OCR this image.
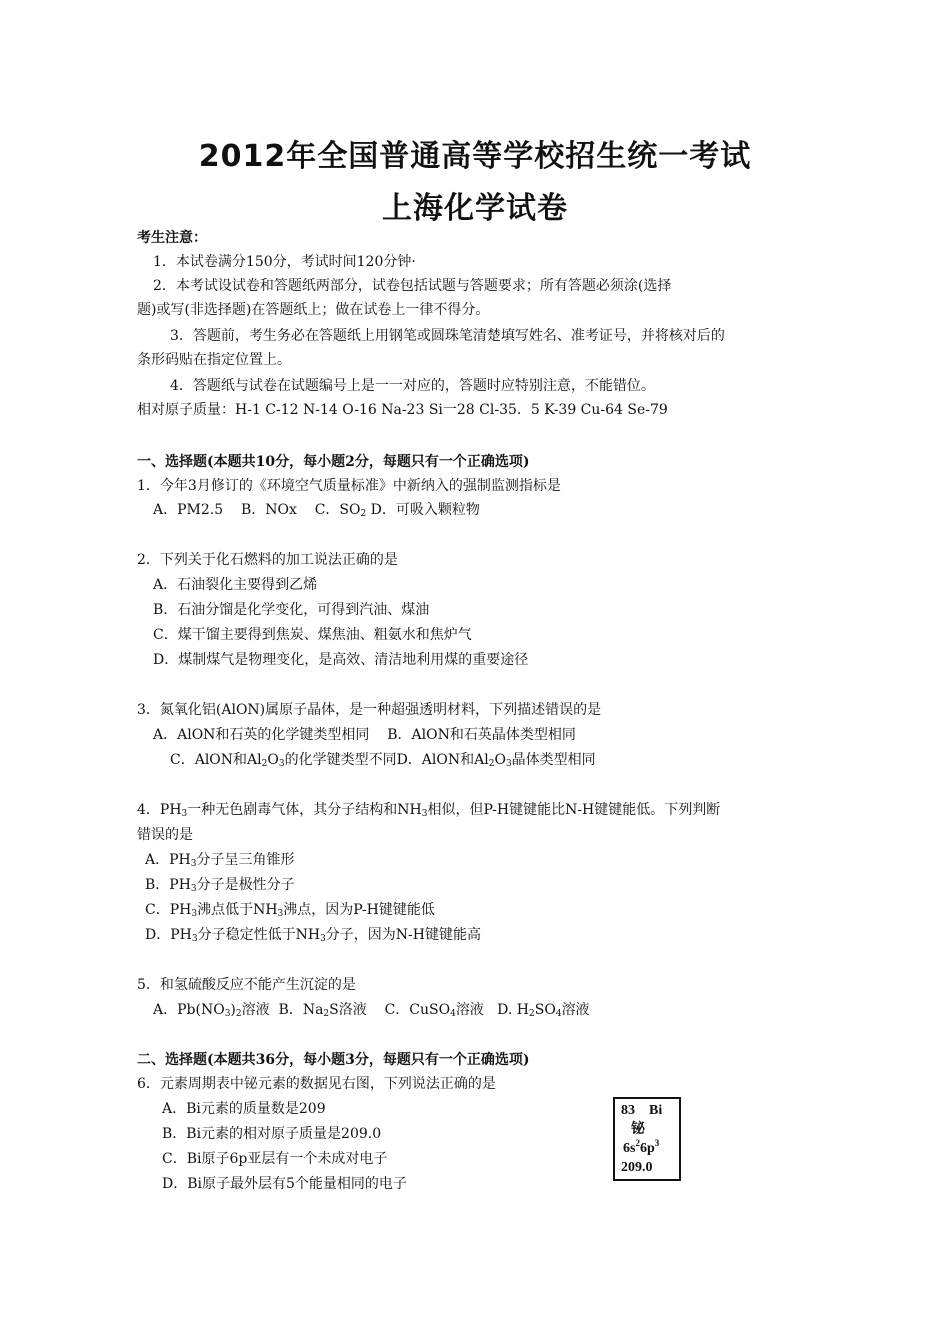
2012年全国普通高等学校招生统一考试
上海化学试卷
考生注意：
1．本试卷满分150分，考试时间120分钟·
2．本考试设试卷和答题纸两部分，试卷包括试题与答题要求；所有答题必须涂(选择
题)或写(非选择题)在答题纸上；做在试卷上一律不得分。
3．答题前，考生务必在答题纸上用钢笔或圆珠笔清楚填写姓名、准考证号，并将核对后的
条形码贴在指定位置上。
4．答题纸与试卷在试题编号上是一一对应的，答题时应特别注意，不能错位。
相对原子质量：H-1 C-12 N-14 O-16 Na-23 Si一28 Cl-35．5 K-39 Cu-64 Se-79
一、选择题(本题共10分，每小题2分，每题只有一个正确选项)
1．今年3月修订的《环境空气质量标准》中新纳入的强制监测指标是
A．PM2.5 B．NOx C．$SO_2$ D．可吸入颗粒物
2．下列关于化石燃料的加工说法正确的是
A．石油裂化主要得到乙烯
B．石油分馏是化学变化，可得到汽油、煤油
C．煤干馏主要得到焦炭、煤焦油、粗氨水和焦炉气
D．煤制煤气是物理变化，是高效、清洁地利用煤的重要途径
3．氮氧化铝(AlON)属原子晶体，是一种超强透明材料，下列描述错误的是
A．AlON和石英的化学键类型相同 B．AlON和石英晶体类型相同
C．AlON和$Al_2O_3$的化学键类型不同D．AlON和$Al_2O_3$晶体类型相同
4．$PH_3$一种无色剧毒气体，其分子结构和$NH_3$相似，但P-H键键能比N-H键键能低。下列判断
错误的是
A．$PH_3$分子呈三角锥形
B．$PH_3$分子是极性分子
C．$PH_3$沸点低于$NH_3$沸点，因为P-H键键能低
D．$PH_3$分子稳定性低于$NH_3$分子，因为N-H键键能高
5．和氢硫酸反应不能产生沉淀的是
A．$Pb(NO_3)_2$溶液 B．$Na_2S$洛液 C．CuSO$_4$溶液 D. $H_2SO_4$溶液
二、选择题(本题共36分，每小题3分，每题只有一个正确选项)
6．元素周期表中铋元素的数据见右图，下列说法正确的是
A．Bi元素的质量数是209
B．Bi元素的相对原子质量是209.0
C．Bi原子6p亚层有一个未成对电子
D．Bi原子最外层有5个能量相同的电子
83 Bi
铋
$6s^26p^3$
209.0
